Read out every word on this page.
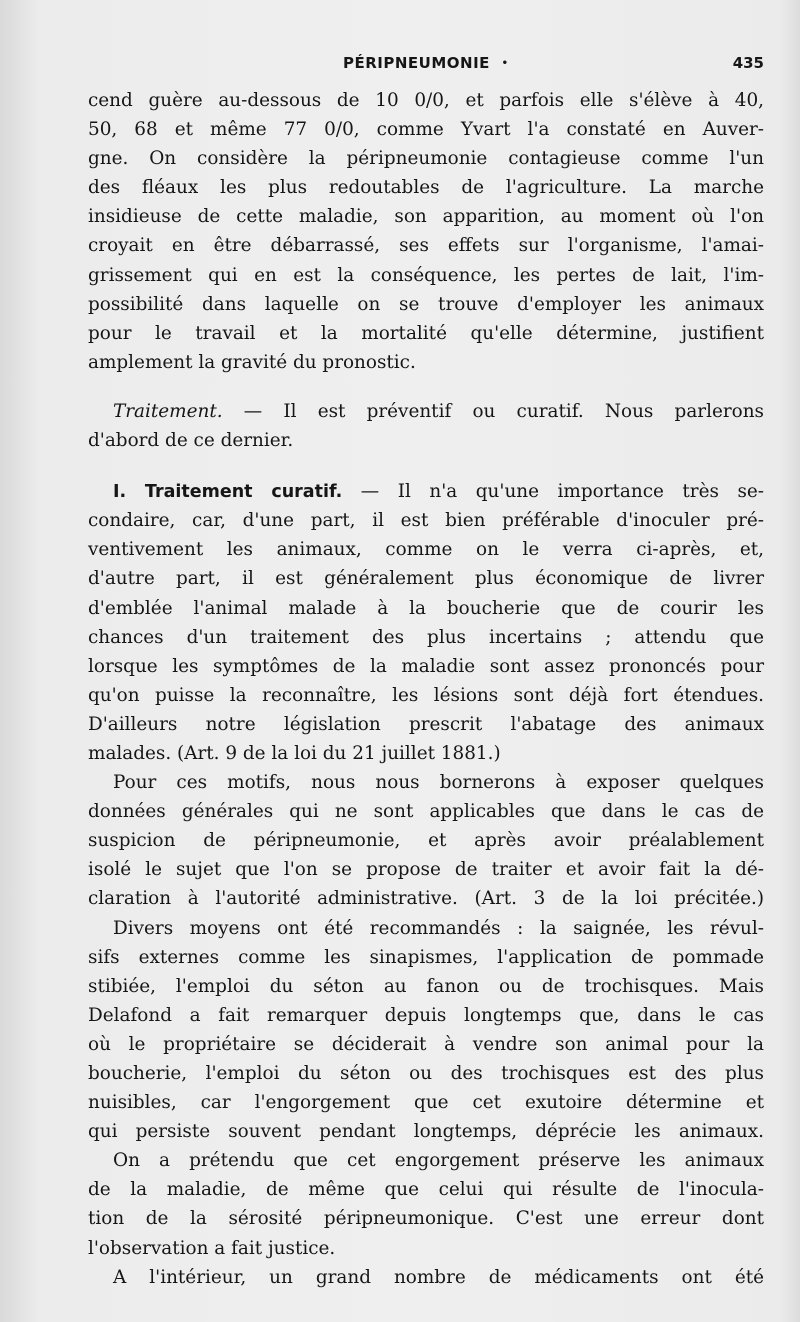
PÉRIPNEUMONIE •	435
cend guère au-dessous de 10 0/0, et parfois elle s'élève à 40,
50, 68 et même 77 0/0, comme Yvart l'a constaté en Auver-
gne. On considère la péripneumonie contagieuse comme l'un
des fléaux les plus redoutables de l'agriculture. La marche
insidieuse de cette maladie, son apparition, au moment où l'on
croyait en être débarrassé, ses effets sur l'organisme, l'amai-
grissement qui en est la conséquence, les pertes de lait, l'im-
possibilité dans laquelle on se trouve d'employer les animaux
pour le travail et la mortalité qu'elle détermine, justifient
amplement la gravité du pronostic.
Traitement. — Il est préventif ou curatif. Nous parlerons
d'abord de ce dernier.
I. Traitement curatif. — Il n'a qu'une importance très se-
condaire, car, d'une part, il est bien préférable d'inoculer pré-
ventivement les animaux, comme on le verra ci-après, et,
d'autre part, il est généralement plus économique de livrer
d'emblée l'animal malade à la boucherie que de courir les
chances d'un traitement des plus incertains ; attendu que
lorsque les symptômes de la maladie sont assez prononcés pour
qu'on puisse la reconnaître, les lésions sont déjà fort étendues.
D'ailleurs notre législation prescrit l'abatage des animaux
malades. (Art. 9 de la loi du 21 juillet 1881.)
Pour ces motifs, nous nous bornerons à exposer quelques
données générales qui ne sont applicables que dans le cas de
suspicion de péripneumonie, et après avoir préalablement
isolé le sujet que l'on se propose de traiter et avoir fait la dé-
claration à l'autorité administrative. (Art. 3 de la loi précitée.)
Divers moyens ont été recommandés : la saignée, les révul-
sifs externes comme les sinapismes, l'application de pommade
stibiée, l'emploi du séton au fanon ou de trochisques. Mais
Delafond a fait remarquer depuis longtemps que, dans le cas
où le propriétaire se déciderait à vendre son animal pour la
boucherie, l'emploi du séton ou des trochisques est des plus
nuisibles, car l'engorgement que cet exutoire détermine et
qui persiste souvent pendant longtemps, déprécie les animaux.
On a prétendu que cet engorgement préserve les animaux
de la maladie, de même que celui qui résulte de l'inocula-
tion de la sérosité péripneumonique. C'est une erreur dont
l'observation a fait justice.
A l'intérieur, un grand nombre de médicaments ont été
